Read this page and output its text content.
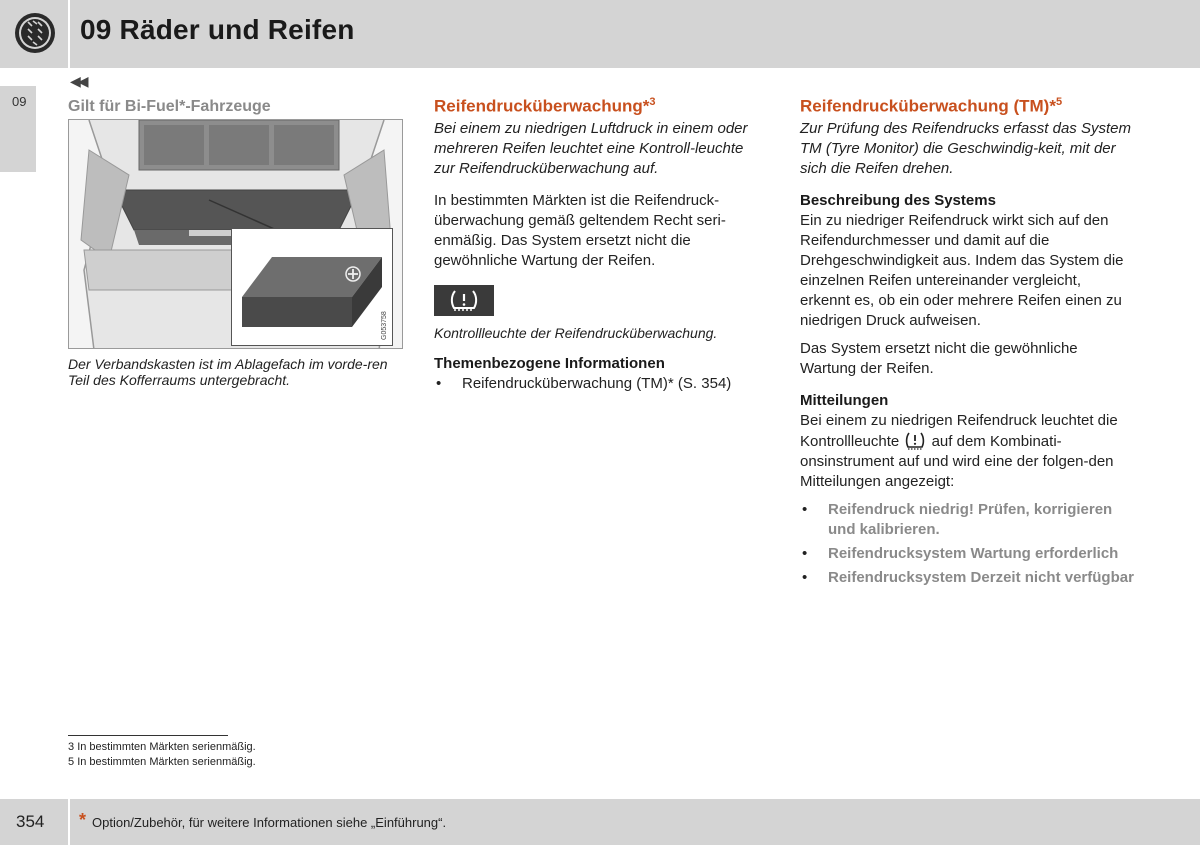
09 Räder und Reifen
09
◀◀
Gilt für Bi-Fuel*-Fahrzeuge
G053758
Der Verbandskasten ist im Ablagefach im vorde-ren Teil des Kofferraums untergebracht.
Reifendrucküberwachung*$^3$
Bei einem zu niedrigen Luftdruck in einem oder mehreren Reifen leuchtet eine Kontroll-leuchte zur Reifendrucküberwachung auf.
In bestimmten Märkten ist die Reifendruck-überwachung gemäß geltendem Recht seri-enmäßig. Das System ersetzt nicht die gewöhnliche Wartung der Reifen.
Kontrollleuchte der Reifendrucküberwachung.
Themenbezogene Informationen
•	Reifendrucküberwachung (TM)* (S. 354)
Reifendrucküberwachung (TM)*$^5$
Zur Prüfung des Reifendrucks erfasst das System TM (Tyre Monitor) die Geschwindig-keit, mit der sich die Reifen drehen.
Beschreibung des Systems
Ein zu niedriger Reifendruck wirkt sich auf den Reifendurchmesser und damit auf die Drehgeschwindigkeit aus. Indem das System die einzelnen Reifen untereinander vergleicht, erkennt es, ob ein oder mehrere Reifen einen zu niedrigen Druck aufweisen.
Das System ersetzt nicht die gewöhnliche Wartung der Reifen.
Mitteilungen
Bei einem zu niedrigen Reifendruck leuchtet die Kontrollleuchte auf dem Kombinati-onsinstrument auf und wird eine der folgen-den Mitteilungen angezeigt:
•	Reifendruck niedrig! Prüfen, korrigieren und kalibrieren.
•	Reifendrucksystem Wartung erforderlich
•	Reifendrucksystem Derzeit nicht verfügbar
3 In bestimmten Märkten serienmäßig.
5 In bestimmten Märkten serienmäßig.
354 * Option/Zubehör, für weitere Informationen siehe „Einführung“.
